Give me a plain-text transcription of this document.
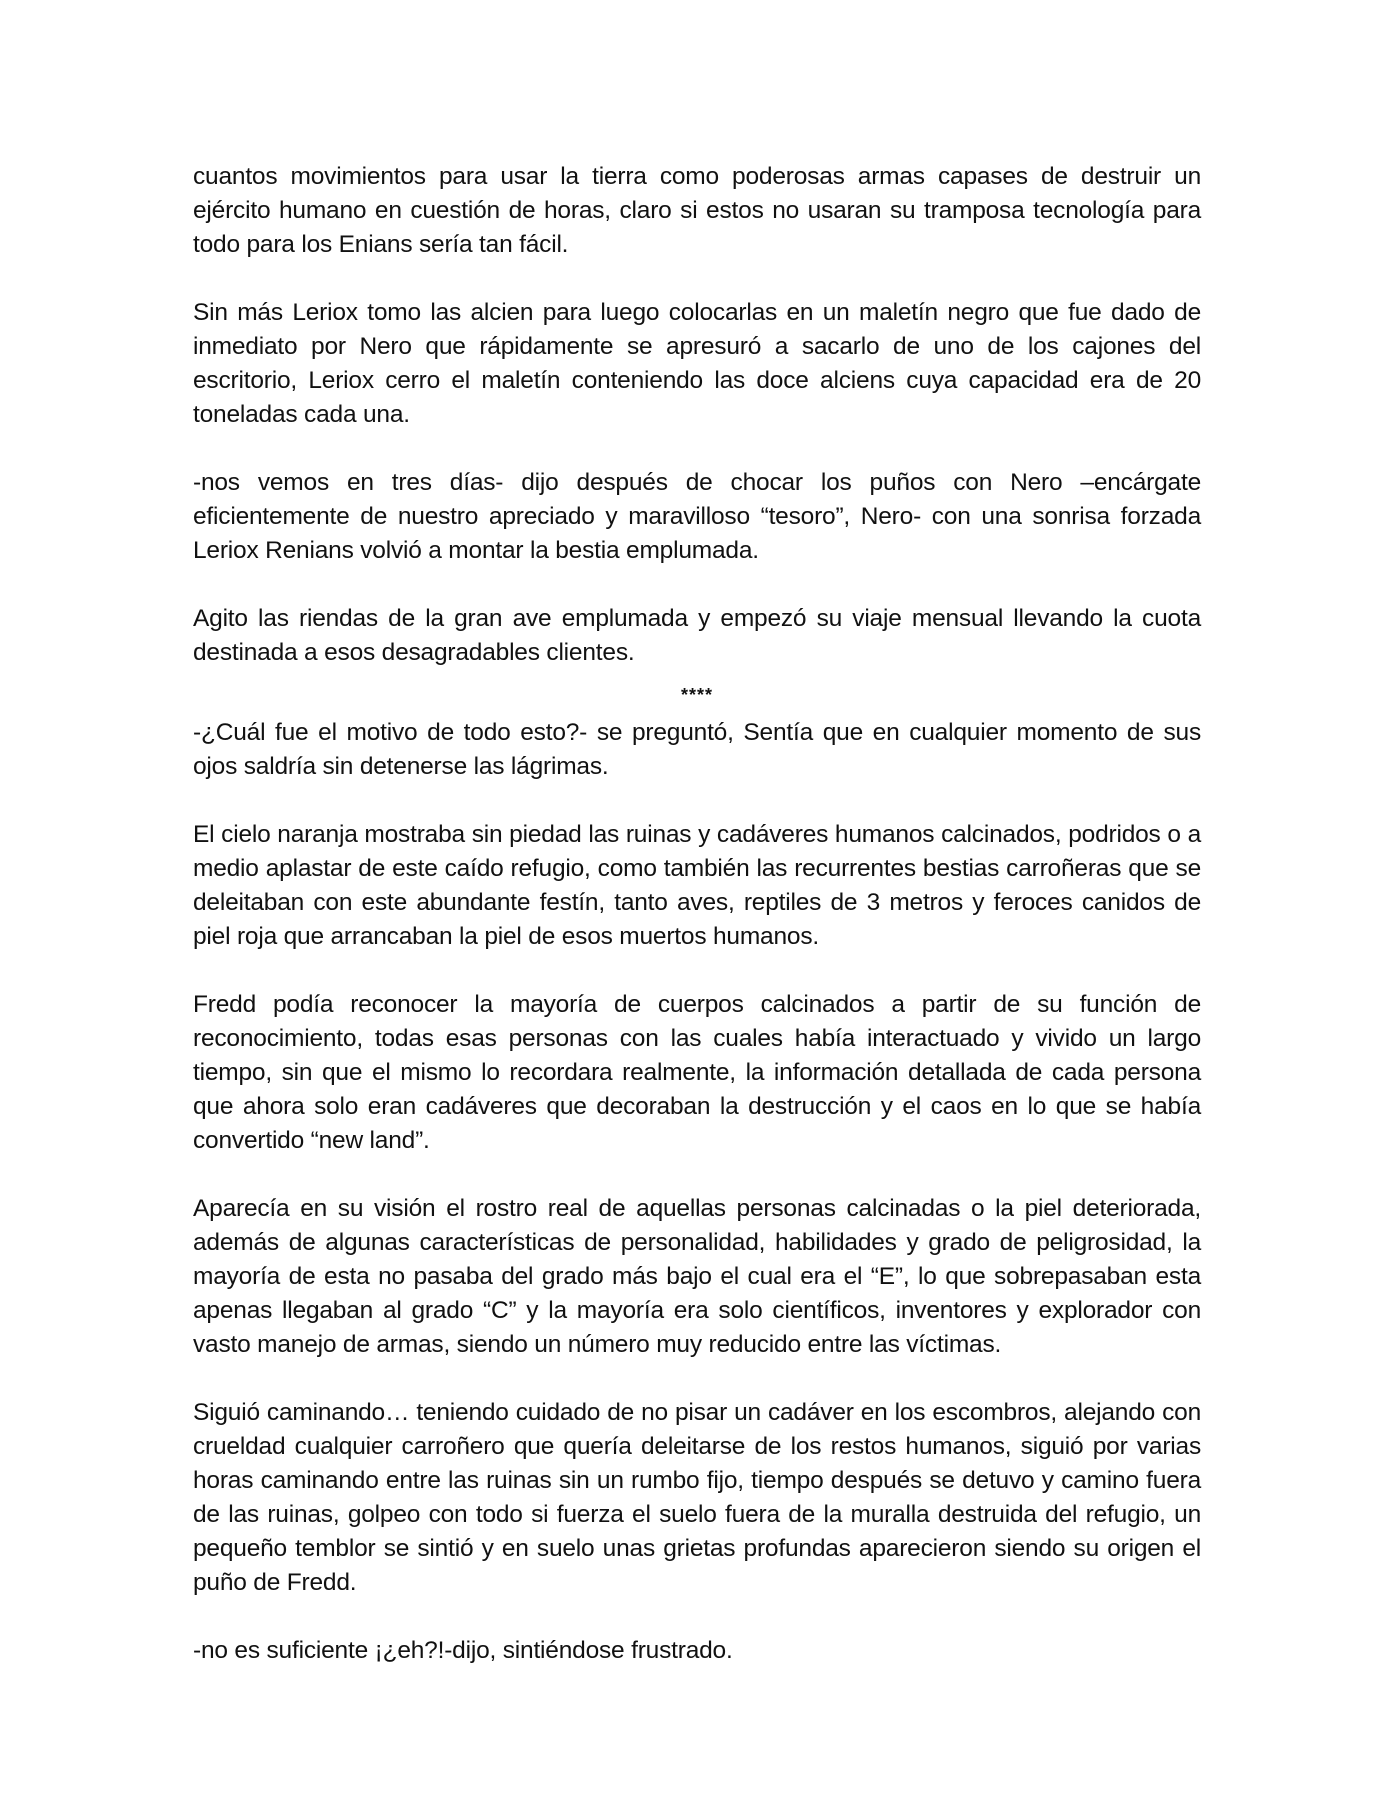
cuantos movimientos para usar la tierra como poderosas armas capases de destruir un ejército humano en cuestión de horas, claro si estos no usaran su tramposa tecnología para todo para los Enians sería tan fácil.

Sin más Leriox tomo las alcien para luego colocarlas en un maletín negro que fue dado de inmediato por Nero que rápidamente se apresuró a sacarlo de uno de los cajones del escritorio, Leriox cerro el maletín conteniendo las doce alciens cuya capacidad era de 20 toneladas cada una.

-nos vemos en tres días- dijo después de chocar los puños con Nero –encárgate eficientemente de nuestro apreciado y maravilloso “tesoro”, Nero- con una sonrisa forzada Leriox Renians volvió a montar la bestia emplumada.

Agito las riendas de la gran ave emplumada y empezó su viaje mensual llevando la cuota destinada a esos desagradables clientes.

****

-¿Cuál fue el motivo de todo esto?- se preguntó, Sentía que en cualquier momento de sus ojos saldría sin detenerse las lágrimas.

El cielo naranja mostraba sin piedad las ruinas y cadáveres humanos calcinados, podridos o a medio aplastar de este caído refugio, como también las recurrentes bestias carroñeras que se deleitaban con este abundante festín, tanto aves, reptiles de 3 metros y feroces canidos de piel roja que arrancaban la piel de esos muertos humanos.

Fredd podía reconocer la mayoría de cuerpos calcinados a partir de su función de reconocimiento, todas esas personas con las cuales había interactuado y vivido un largo tiempo, sin que el mismo lo recordara realmente, la información detallada de cada persona que ahora solo eran cadáveres que decoraban la destrucción y el caos en lo que se había convertido “new land”.

Aparecía en su visión el rostro real de aquellas personas calcinadas o la piel deteriorada, además de algunas características de personalidad, habilidades y grado de peligrosidad, la mayoría de esta no pasaba del grado más bajo el cual era el “E”, lo que sobrepasaban esta apenas llegaban al grado “C” y la mayoría era solo científicos, inventores y explorador con vasto manejo de armas, siendo un número muy reducido entre las víctimas.

Siguió caminando… teniendo cuidado de no pisar un cadáver en los escombros, alejando con crueldad cualquier carroñero que quería deleitarse de los restos humanos, siguió por varias horas caminando entre las ruinas sin un rumbo fijo, tiempo después se detuvo y camino fuera de las ruinas, golpeo con todo si fuerza el suelo fuera de la muralla destruida del refugio, un pequeño temblor se sintió y en suelo unas grietas profundas aparecieron siendo su origen el puño de Fredd.

-no es suficiente ¡¿eh?!-dijo, sintiéndose frustrado.
